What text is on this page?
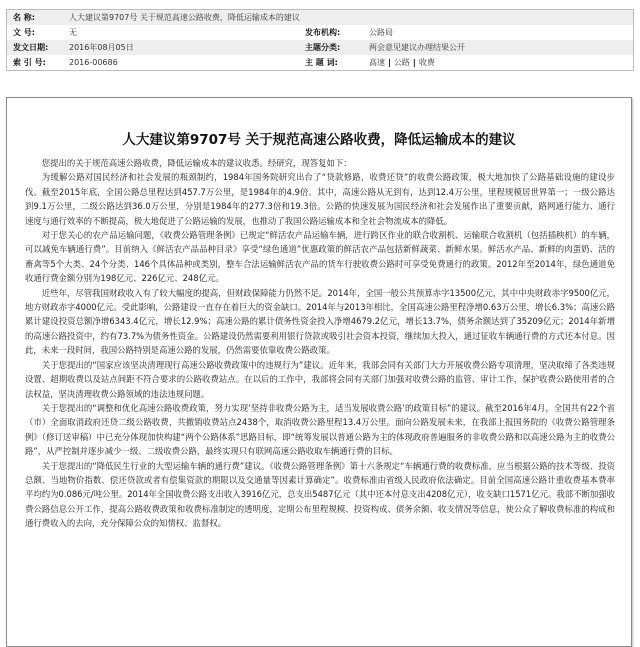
名 称:	人大建议第9707号 关于规范高速公路收费，降低运输成本的建议		
文 号:	无	发布机构:	公路局
发文日期:	2016年08月05日	主题分类:	两会意见建议办理结果公开
索 引 号:	2016-00686	主 题 词:	高速 | 公路 | 收费
人大建议第9707号 关于规范高速公路收费，降低运输成本的建议

您提出的关于规范高速公路收费，降低运输成本的建议收悉。经研究，现答复如下：

为缓解公路对国民经济和社会发展的瓶颈制约，1984年国务院研究出台了“贷款修路，收费还贷”的收费公路政策，极大地加快了公路基础设施的建设步伐。截至2015年底，全国公路总里程达到457.7万公里，是1984年的4.9倍。其中，高速公路从无到有，达到12.4万公里，里程规模居世界第一；一级公路达到9.1万公里，二级公路达到36.0万公里，分别是1984年的277.3倍和19.3倍。公路的快速发展为国民经济和社会发展作出了重要贡献，路网通行能力、通行速度与通行效率的不断提高，极大地促进了公路运输的发展，也推动了我国公路运输成本和全社会物流成本的降低。

对于您关心的农产品运输问题，《收费公路管理条例》已规定“鲜活农产品运输车辆，进行跨区作业的联合收割机、运输联合收割机（包括插秧机）的车辆，可以减免车辆通行费”。目前纳入《鲜活农产品品种目录》享受“绿色通道”优惠政策的鲜活农产品包括新鲜蔬菜、新鲜水果、鲜活水产品、新鲜的肉蛋奶、活的畜禽等5个大类、24个分类、146个具体品种或类别，整车合法运输鲜活农产品的货车行驶收费公路时可享受免费通行的政策。2012年至2014年，绿色通道免收通行费金额分别为198亿元、226亿元、248亿元。

近些年，尽管我国财政收入有了较大幅度的提高，但财政保障能力仍然不足。2014年，全国一般公共预算赤字13500亿元，其中中央财政赤字9500亿元，地方财政赤字4000亿元。受此影响，公路建设一直存在着巨大的资金缺口。2014年与2013年相比，全国高速公路里程净增0.63万公里，增长6.3%；高速公路累计建设投资总额净增6343.4亿元，增长12.9%；高速公路的累计债务性资金投入净增4679.2亿元，增长13.7%，债务余额达到了35209亿元；2014年新增的高速公路投资中，约有73.7%为债务性资金。公路建设仍然需要利用银行贷款或吸引社会资本投资，继续加大投入，通过征收车辆通行费的方式还本付息。因此，未来一段时间，我国公路特别是高速公路的发展，仍然需要依靠收费公路政策。

关于您提出的“国家应该坚决清理现行高速公路收费政策中的违规行为”建议。近年来，我部会同有关部门大力开展收费公路专项清理，坚决取缔了各类违规设置、超期收费以及站点间距不符合要求的公路收费站点。在以后的工作中，我部将会同有关部门加强对收费公路的监管、审计工作，保护收费公路使用者的合法权益，坚决清理收费公路领域的违法违规问题。

关于您提出的“调整和优化高速公路收费政策，努力实现‘坚持非收费公路为主，适当发展收费公路’的政策目标”的建议。截至2016年4月，全国共有22个省（市）全面取消政府还贷二级公路收费，共撤销收费站点2438个，取消收费公路里程13.4万公里。面向公路发展未来，在我部上报国务院的《收费公路管理条例》（修订送审稿）中已充分体现加快构建“两个公路体系”思路目标，即“统筹发展以普通公路为主的体现政府普遍服务的非收费公路和以高速公路为主的收费公路”，从严控制并逐步减少一级、二级收费公路，最终实现只有联网高速公路收取车辆通行费的目标。

关于您提出的“降低民生行业的大型运输车辆的通行费”建议。《收费公路管理条例》第十六条规定“车辆通行费的收费标准，应当根据公路的技术等级、投资总额、当地物价指数、偿还贷款或者有偿集资款的期限以及交通量等因素计算确定”。收费标准由省级人民政府依法确定。目前全国高速公路计重收费基本费率平均约为0.086元/吨公里。2014年全国收费公路支出收入3916亿元，总支出5487亿元（其中还本付息支出4208亿元），收支缺口1571亿元。我部不断加强收费公路信息公开工作，提高公路收费政策和收费标准制定的透明度，定期公布里程规模、投资构成、债务余额、收支情况等信息，使公众了解收费标准的构成和通行费收入的去向，充分保障公众的知情权、监督权。
